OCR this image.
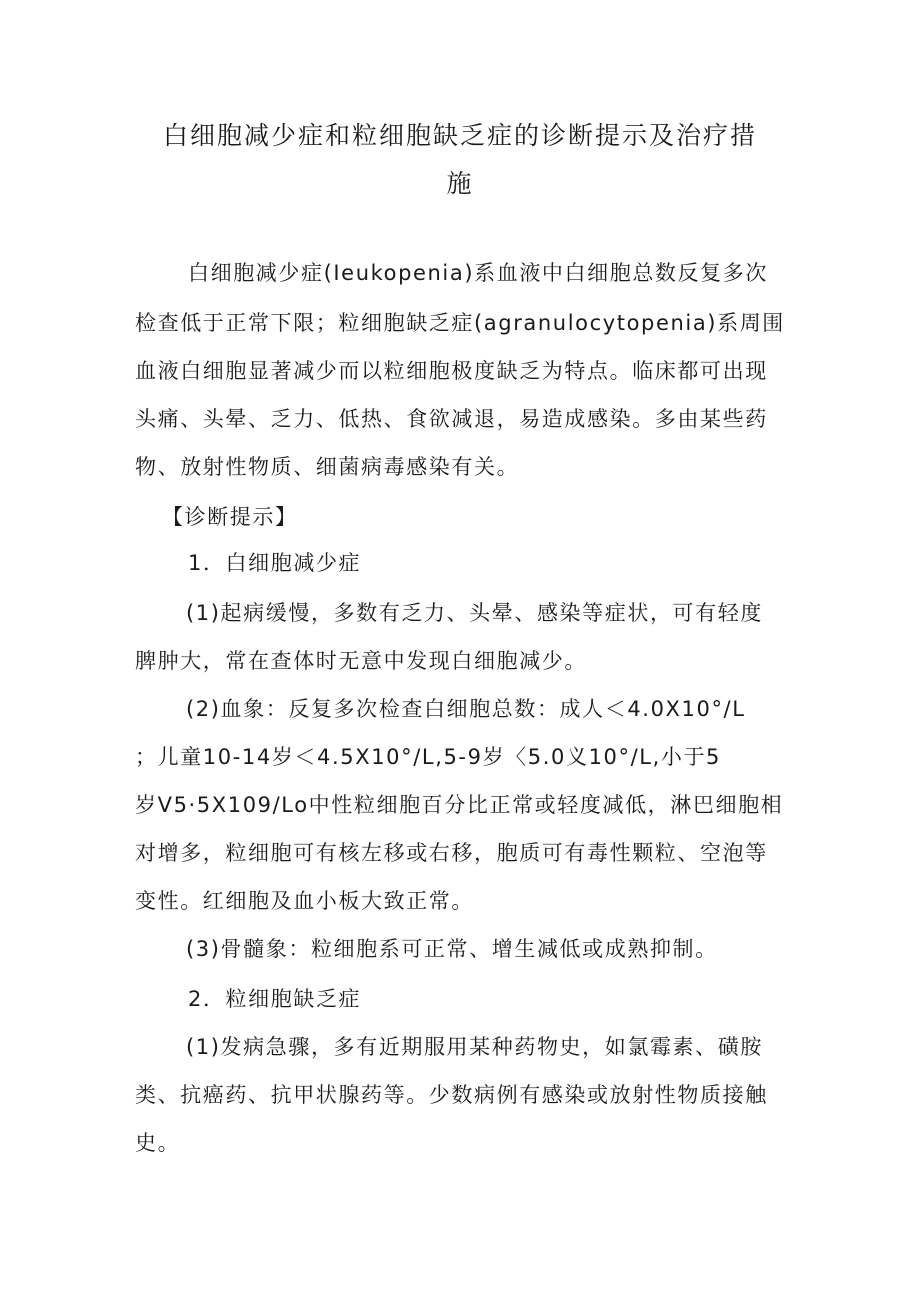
白细胞减少症和粒细胞缺乏症的诊断提示及治疗措
施
白细胞减少症(Ieukopenia)系血液中白细胞总数反复多次
检查低于正常下限；粒细胞缺乏症(agranulocytopenia)系周围
血液白细胞显著减少而以粒细胞极度缺乏为特点。临床都可出现
头痛、头晕、乏力、低热、食欲减退，易造成感染。多由某些药
物、放射性物质、细菌病毒感染有关。
【诊断提示】
1．白细胞减少症
(1)起病缓慢，多数有乏力、头晕、感染等症状，可有轻度
脾肿大，常在查体时无意中发现白细胞减少。
(2)血象：反复多次检查白细胞总数：成人＜4.0X10°/L
；儿童10-14岁＜4.5X10°/L,5-9岁〈5.0义10°/L,小于5
岁V5·5X109/Lo中性粒细胞百分比正常或轻度减低，淋巴细胞相
对增多，粒细胞可有核左移或右移，胞质可有毒性颗粒、空泡等
变性。红细胞及血小板大致正常。
(3)骨髓象：粒细胞系可正常、增生减低或成熟抑制。
2．粒细胞缺乏症
(1)发病急骤，多有近期服用某种药物史，如氯霉素、磺胺
类、抗癌药、抗甲状腺药等。少数病例有感染或放射性物质接触
史。
